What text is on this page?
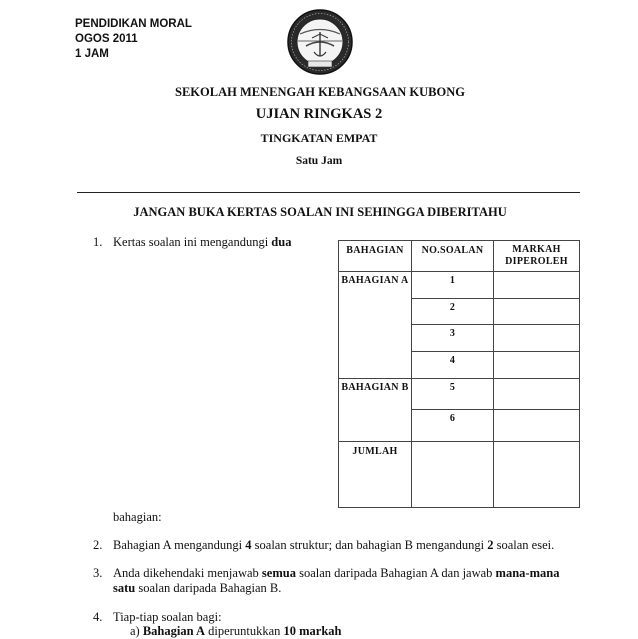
PENDIDIKAN MORAL
OGOS 2011
1 JAM
SEKOLAH MENENGAH KEBANGSAAN KUBONG
UJIAN RINGKAS 2
TINGKATAN EMPAT
Satu Jam
JANGAN BUKA KERTAS SOALAN INI SEHINGGA DIBERITAHU
1. Kertas soalan ini mengandungi dua
BAHAGIAN	NO.SOALAN	MARKAH DIPEROLEH
BAHAGIAN A	1	
	2	
	3	
	4	
BAHAGIAN B	5	
	6	
JUMLAH		
bahagian:
2. Bahagian A mengandungi 4 soalan struktur; dan bahagian B mengandungi 2 soalan esei.
3. Anda dikehendaki menjawab semua soalan daripada Bahagian A dan jawab mana-mana
satu soalan daripada Bahagian B.
4. Tiap-tiap soalan bagi:
a) Bahagian A diperuntukkan 10 markah
